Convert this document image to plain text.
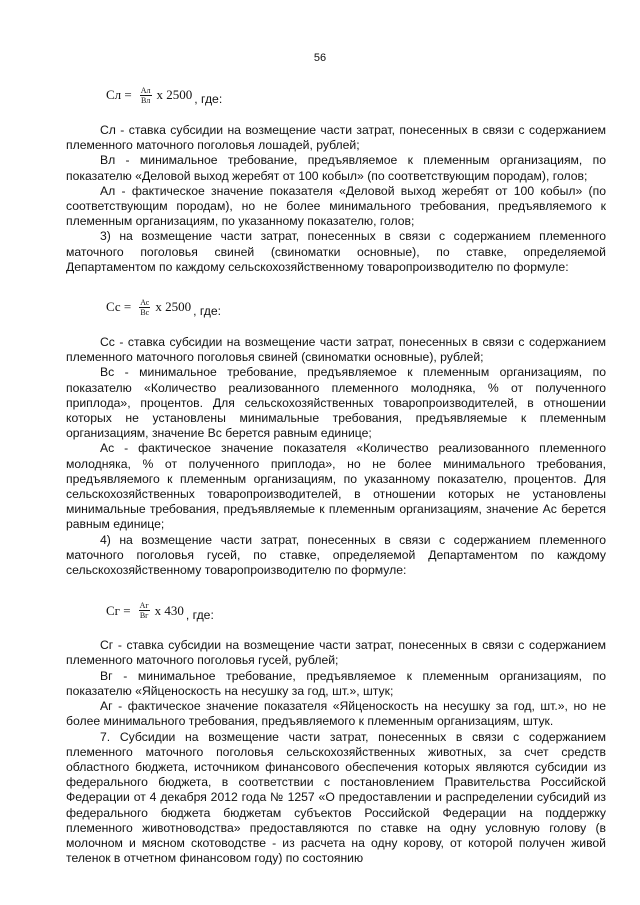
56
Сл = $\frac{Ал}{Вл}$ х 2500 , где:

Сл - ставка субсидии на возмещение части затрат, понесенных в связи с содержанием племенного маточного поголовья лошадей, рублей;

Вл - минимальное требование, предъявляемое к племенным организациям, по показателю «Деловой выход жеребят от 100 кобыл» (по соответствующим породам), голов;

Ал - фактическое значение показателя «Деловой выход жеребят от 100 кобыл» (по соответствующим породам), но не более минимального требования, предъявляемого к племенным организациям, по указанному показателю, голов;

3) на возмещение части затрат, понесенных в связи с содержанием племенного маточного поголовья свиней (свиноматки основные), по ставке, определяемой Департаментом по каждому сельскохозяйственному товаропроизводителю по формуле:

Сс = $\frac{Ас}{Вс}$ х 2500 , где:

Сс - ставка субсидии на возмещение части затрат, понесенных в связи с содержанием племенного маточного поголовья свиней (свиноматки основные), рублей;

Вс - минимальное требование, предъявляемое к племенным организациям, по показателю «Количество реализованного племенного молодняка, % от полученного приплода», процентов. Для сельскохозяйственных товаропроизводителей, в отношении которых не установлены минимальные требования, предъявляемые к племенным организациям, значение Вс берется равным единице;

Ас - фактическое значение показателя «Количество реализованного племенного молодняка, % от полученного приплода», но не более минимального требования, предъявляемого к племенным организациям, по указанному показателю, процентов. Для сельскохозяйственных товаропроизводителей, в отношении которых не установлены минимальные требования, предъявляемые к племенным организациям, значение Ас берется равным единице;

4) на возмещение части затрат, понесенных в связи с содержанием племенного маточного поголовья гусей, по ставке, определяемой Департаментом по каждому сельскохозяйственному товаропроизводителю по формуле:

Сг = $\frac{Аг}{Вг}$ х 430 , где:

Сг - ставка субсидии на возмещение части затрат, понесенных в связи с содержанием племенного маточного поголовья гусей, рублей;

Вг - минимальное требование, предъявляемое к племенным организациям, по показателю «Яйценоскость на несушку за год, шт.», штук;

Аг - фактическое значение показателя «Яйценоскость на несушку за год, шт.», но не более минимального требования, предъявляемого к племенным организациям, штук.

7. Субсидии на возмещение части затрат, понесенных в связи с содержанием племенного маточного поголовья сельскохозяйственных животных, за счет средств областного бюджета, источником финансового обеспечения которых являются субсидии из федерального бюджета, в соответствии с постановлением Правительства Российской Федерации от 4 декабря 2012 года № 1257 «О предоставлении и распределении субсидий из федерального бюджета бюджетам субъектов Российской Федерации на поддержку племенного животноводства» предоставляются по ставке на одну условную голову (в молочном и мясном скотоводстве - из расчета на одну корову, от которой получен живой теленок в отчетном финансовом году) по состоянию
